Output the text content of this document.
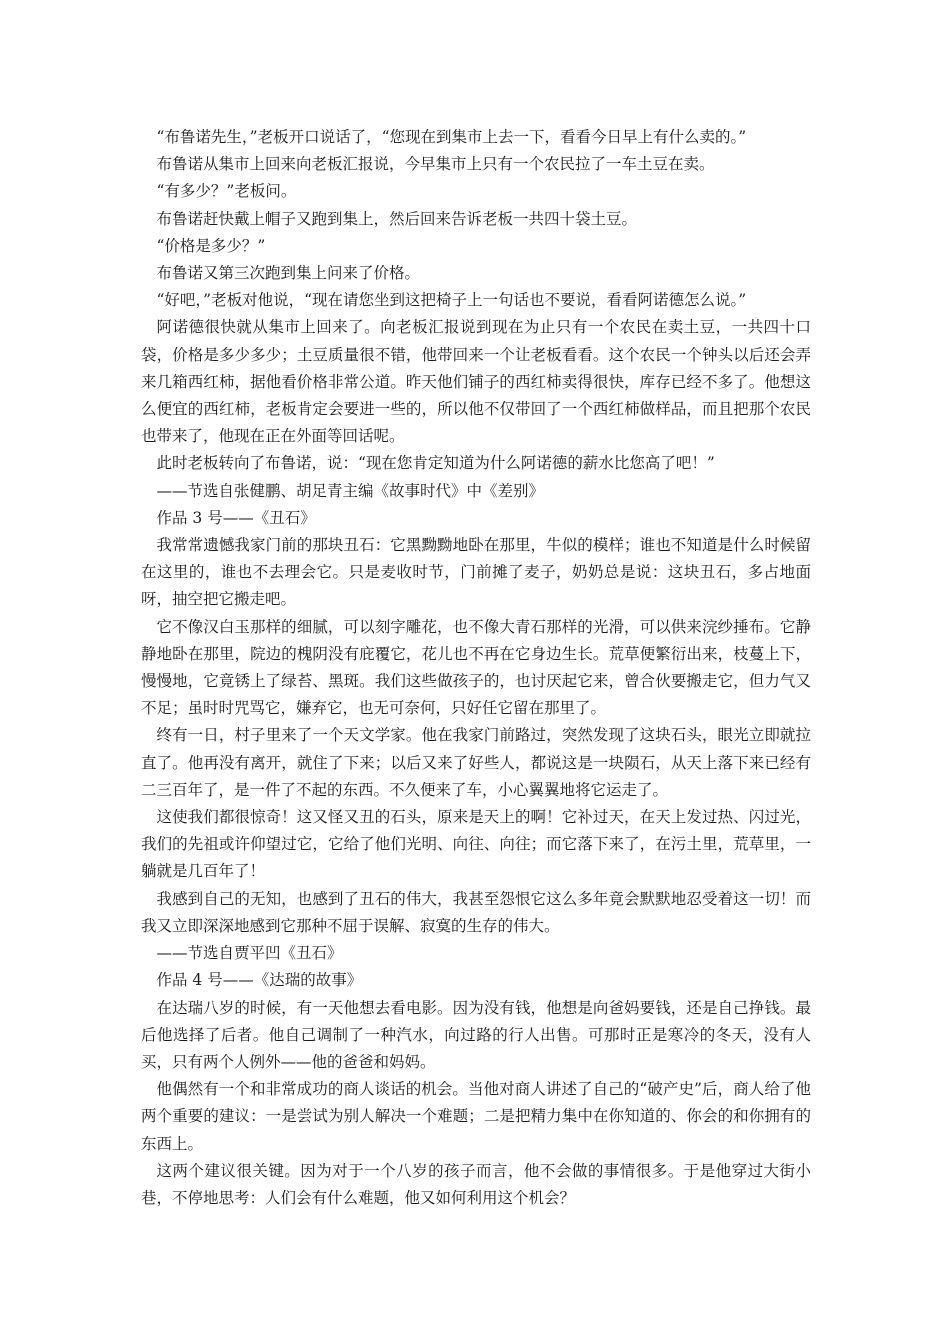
“布鲁诺先生，”老板开口说话了，“您现在到集市上去一下，看看今日早上有什么卖的。”

布鲁诺从集市上回来向老板汇报说，今早集市上只有一个农民拉了一车土豆在卖。

“有多少？”老板问。

布鲁诺赶快戴上帽子又跑到集上，然后回来告诉老板一共四十袋土豆。

“价格是多少？”

布鲁诺又第三次跑到集上问来了价格。

“好吧，”老板对他说，“现在请您坐到这把椅子上一句话也不要说，看看阿诺德怎么说。”

阿诺德很快就从集市上回来了。向老板汇报说到现在为止只有一个农民在卖土豆，一共四十口袋，价格是多少多少；土豆质量很不错，他带回来一个让老板看看。这个农民一个钟头以后还会弄来几箱西红柿，据他看价格非常公道。昨天他们铺子的西红柿卖得很快，库存已经不多了。他想这么便宜的西红柿，老板肯定会要进一些的，所以他不仅带回了一个西红柿做样品，而且把那个农民也带来了，他现在正在外面等回话呢。

此时老板转向了布鲁诺，说：“现在您肯定知道为什么阿诺德的薪水比您高了吧！”

——节选自张健鹏、胡足青主编《故事时代》中《差别》

作品 3 号——《丑石》

我常常遗憾我家门前的那块丑石：它黑黝黝地卧在那里，牛似的模样；谁也不知道是什么时候留在这里的，谁也不去理会它。只是麦收时节，门前摊了麦子，奶奶总是说：这块丑石，多占地面呀，抽空把它搬走吧。

它不像汉白玉那样的细腻，可以刻字雕花，也不像大青石那样的光滑，可以供来浣纱捶布。它静静地卧在那里，院边的槐阴没有庇覆它，花儿也不再在它身边生长。荒草便繁衍出来，枝蔓上下，慢慢地，它竟锈上了绿苔、黑斑。我们这些做孩子的，也讨厌起它来，曾合伙要搬走它，但力气又不足；虽时时咒骂它，嫌弃它，也无可奈何，只好任它留在那里了。

终有一日，村子里来了一个天文学家。他在我家门前路过，突然发现了这块石头，眼光立即就拉直了。他再没有离开，就住了下来；以后又来了好些人，都说这是一块陨石，从天上落下来已经有二三百年了，是一件了不起的东西。不久便来了车，小心翼翼地将它运走了。

这使我们都很惊奇！这又怪又丑的石头，原来是天上的啊！它补过天，在天上发过热、闪过光，我们的先祖或许仰望过它，它给了他们光明、向往、向往；而它落下来了，在污土里，荒草里，一躺就是几百年了！

我感到自己的无知，也感到了丑石的伟大，我甚至怨恨它这么多年竟会默默地忍受着这一切！而我又立即深深地感到它那种不屈于误解、寂寞的生存的伟大。

——节选自贾平凹《丑石》

作品 4 号——《达瑞的故事》

在达瑞八岁的时候，有一天他想去看电影。因为没有钱，他想是向爸妈要钱，还是自己挣钱。最后他选择了后者。他自己调制了一种汽水，向过路的行人出售。可那时正是寒冷的冬天，没有人买，只有两个人例外——他的爸爸和妈妈。

他偶然有一个和非常成功的商人谈话的机会。当他对商人讲述了自己的“破产史”后，商人给了他两个重要的建议：一是尝试为别人解决一个难题；二是把精力集中在你知道的、你会的和你拥有的东西上。

这两个建议很关键。因为对于一个八岁的孩子而言，他不会做的事情很多。于是他穿过大街小巷，不停地思考：人们会有什么难题，他又如何利用这个机会？
